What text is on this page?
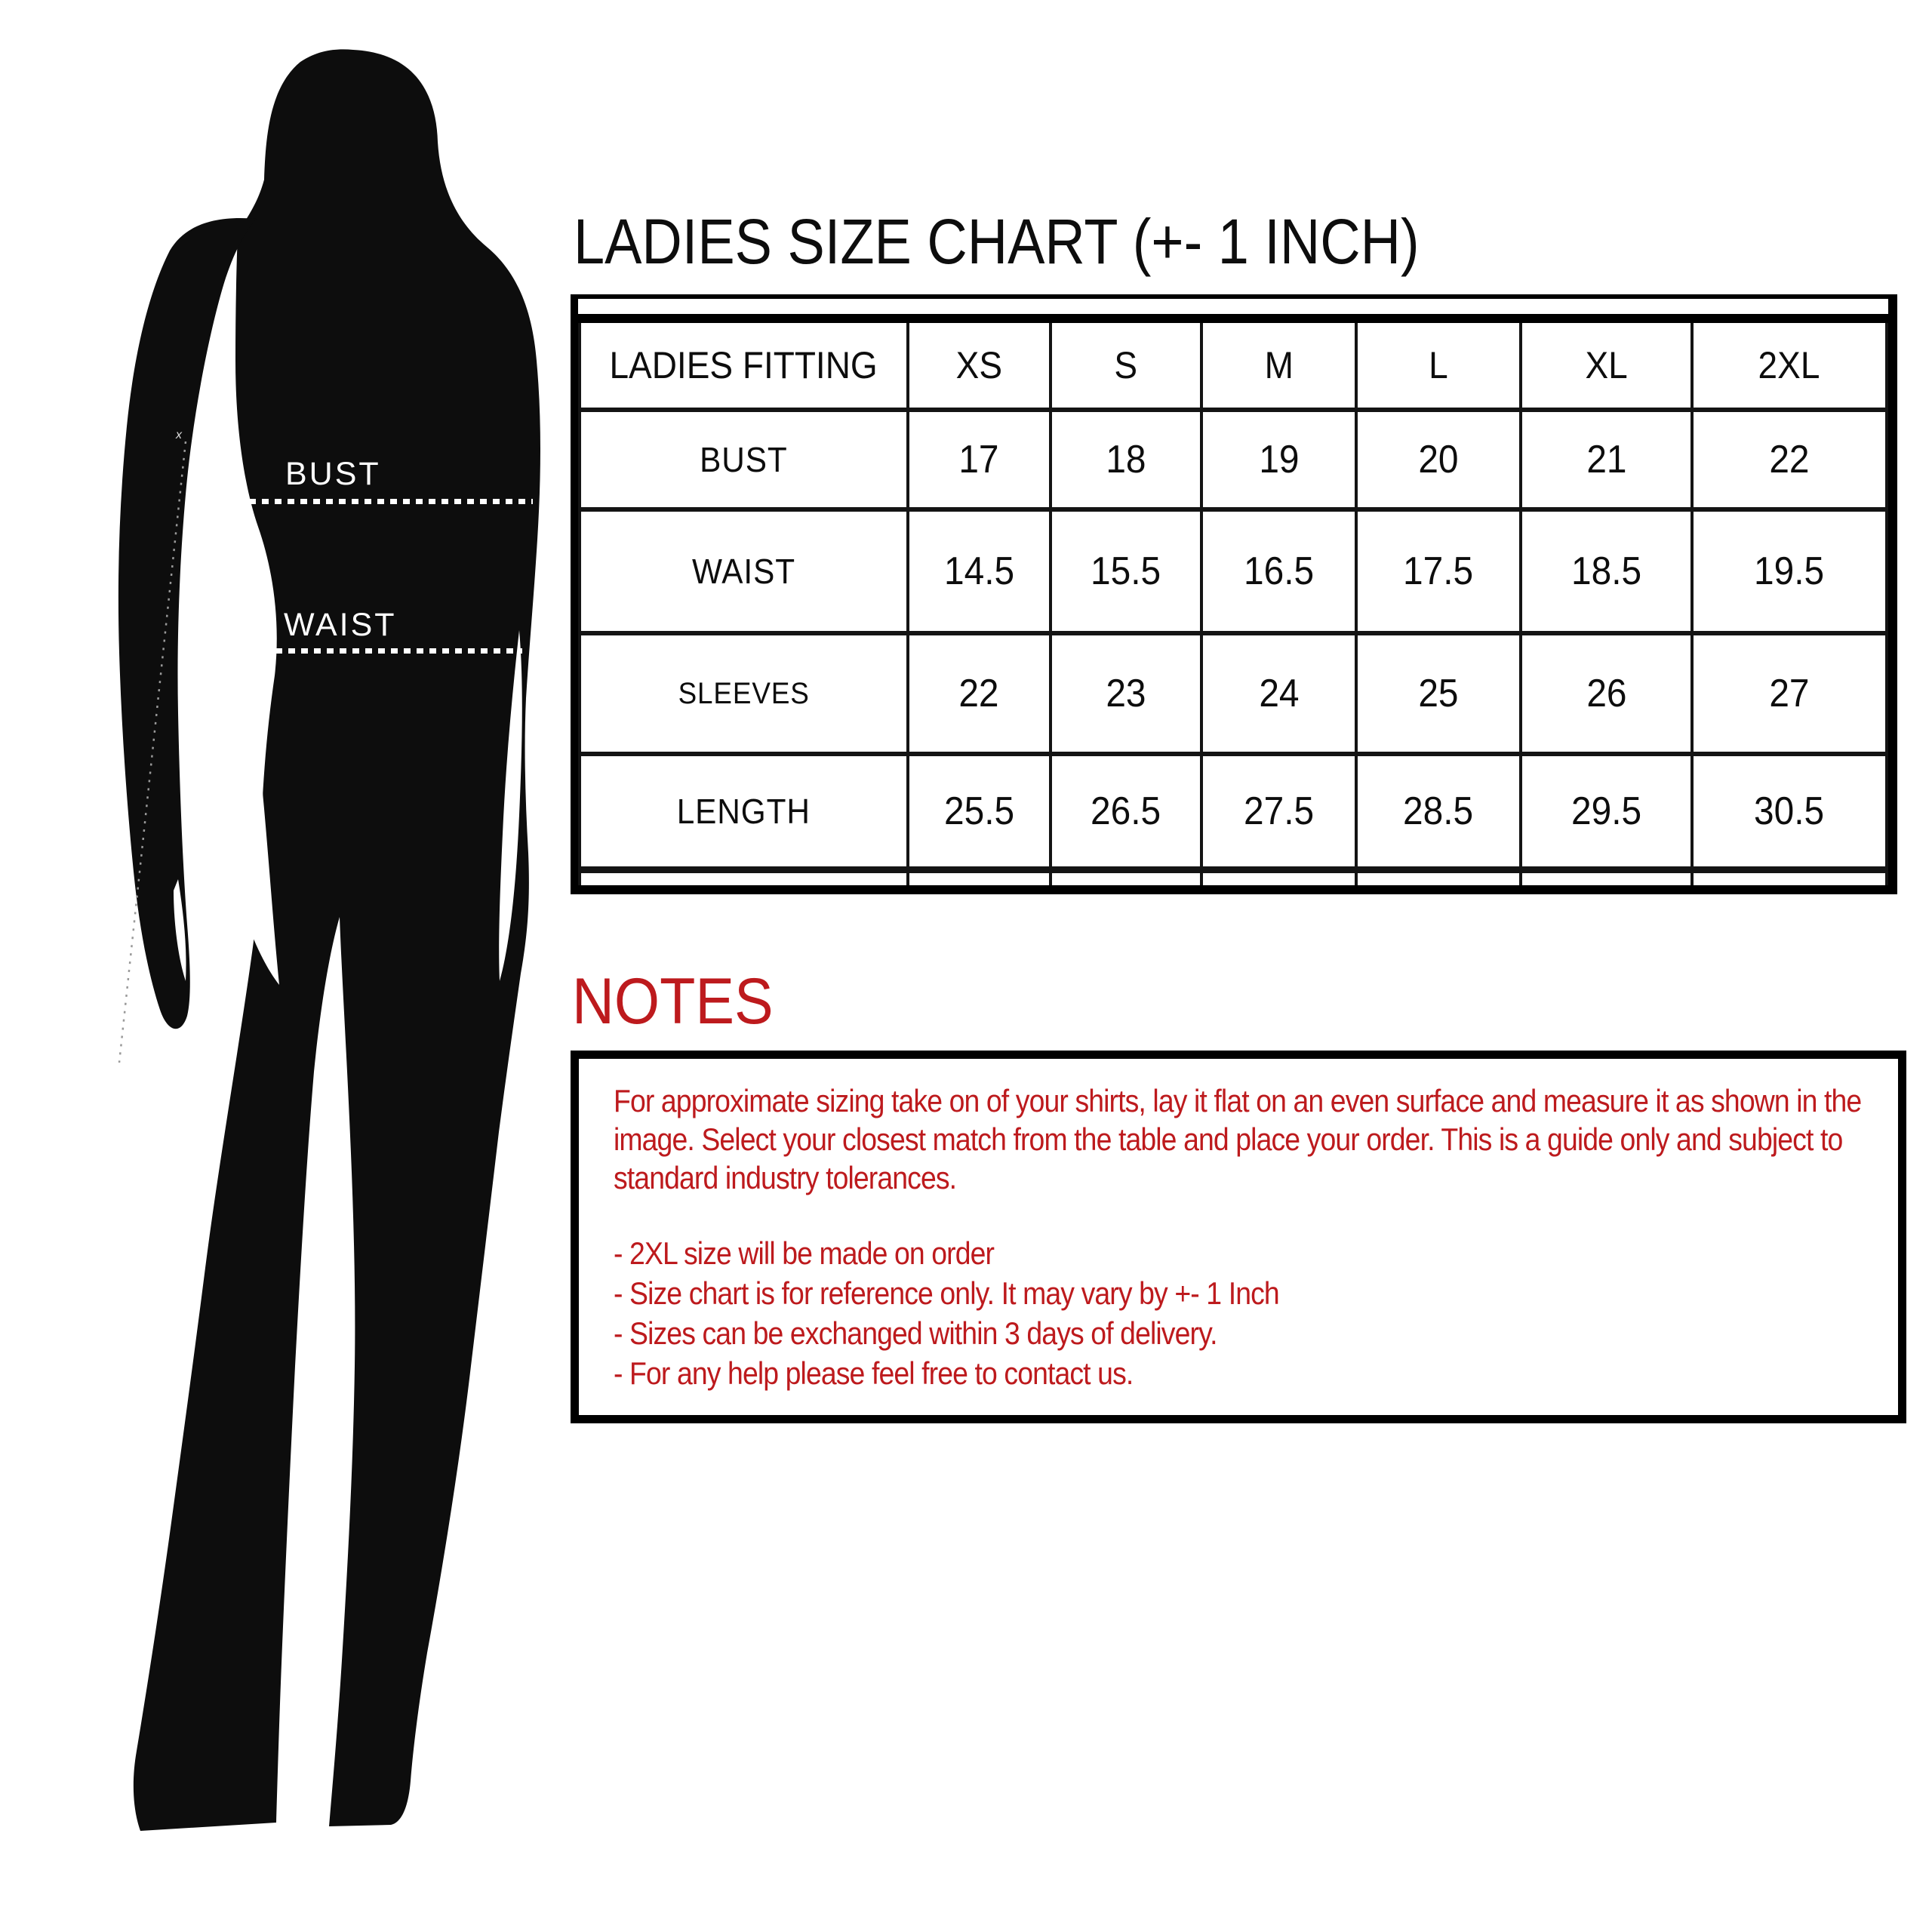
S
l
e
e
v
e
s
x
BUST
WAIST
LADIES SIZE CHART (+- 1 INCH)
LADIES FITTING	XS	S	M	L	XL	2XL
BUST	17	18	19	20	21	22
WAIST	14.5	15.5	16.5	17.5	18.5	19.5
SLEEVES	22	23	24	25	26	27
LENGTH	25.5	26.5	27.5	28.5	29.5	30.5

NOTES

For approximate sizing take on of your shirts, lay it flat on an even surface and measure it as shown in the image. Select your closest match from the table and place your order. This is a guide only and subject to standard industry tolerances.

- 2XL size will be made on order
- Size chart is for reference only. It may vary by +- 1 Inch
- Sizes can be exchanged within 3 days of delivery.
- For any help please feel free to contact us.
